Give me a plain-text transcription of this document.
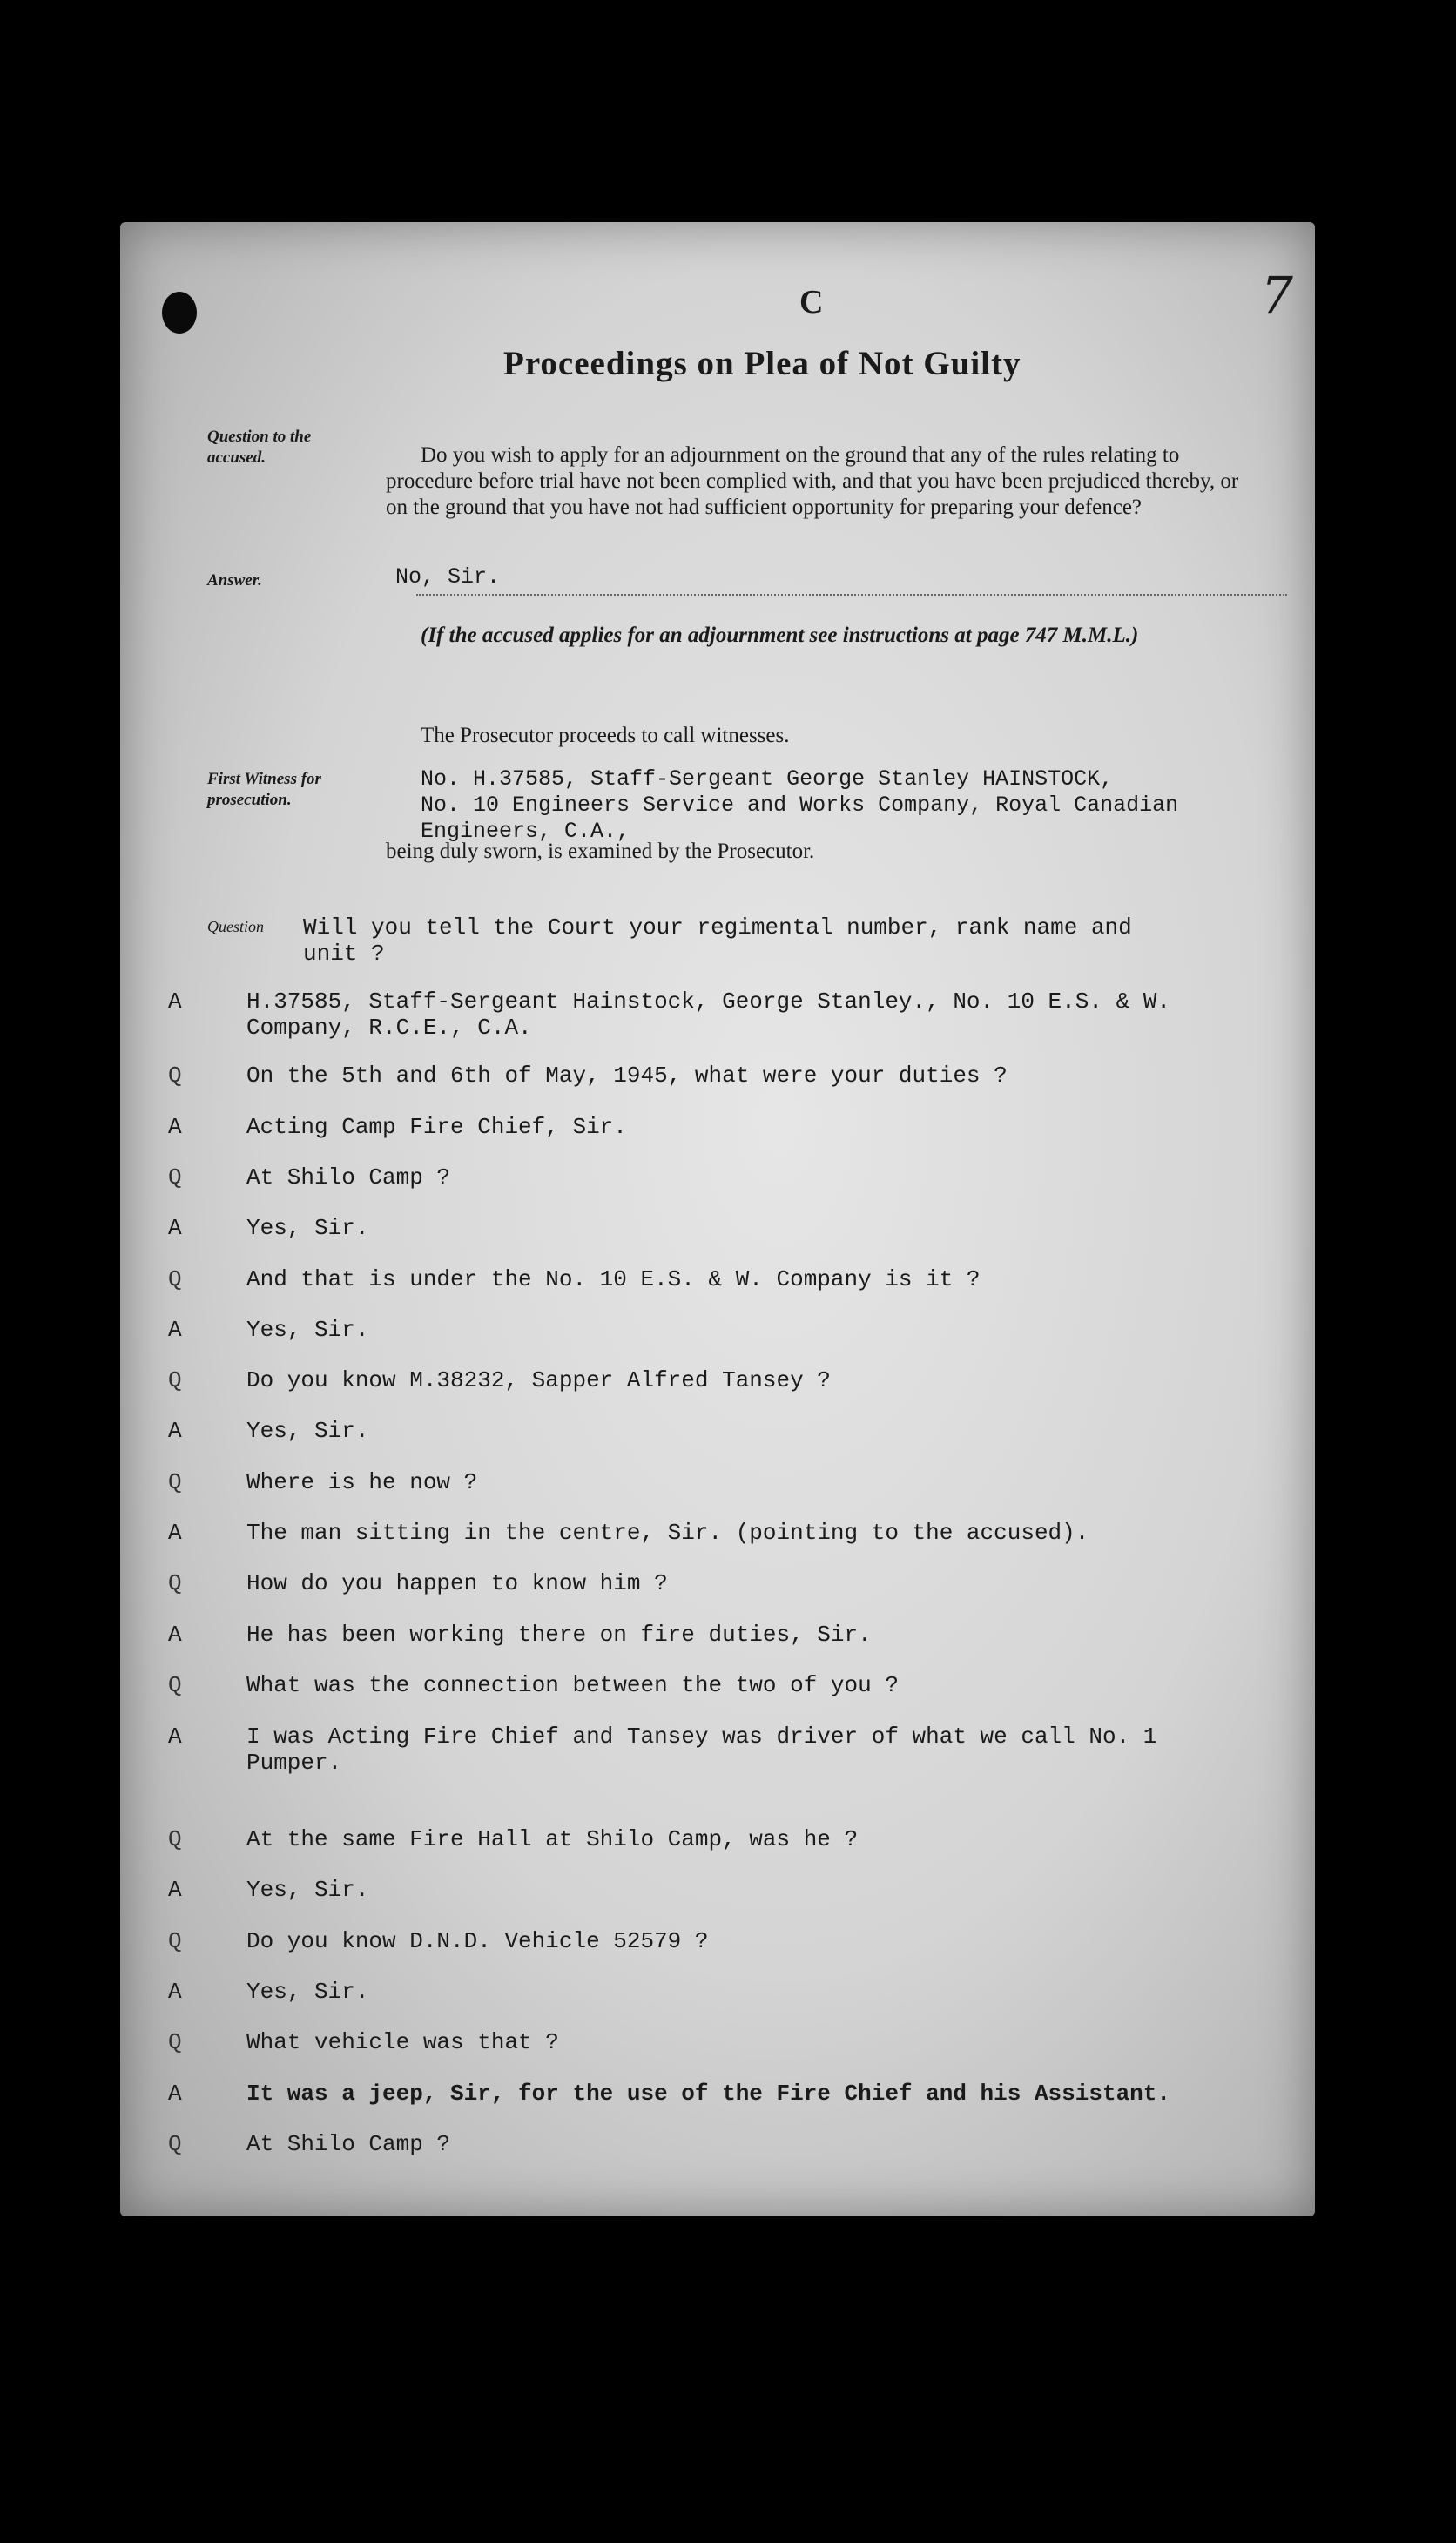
C	7
Proceedings on Plea of Not Guilty
Question to the accused.	Do you wish to apply for an adjournment on the ground that any of the rules relating to procedure before trial have not been complied with, and that you have been prejudiced thereby, or on the ground that you have not had sufficient opportunity for preparing your defence?
Answer.	No, Sir.
(If the accused applies for an adjournment see instructions at page 747 M.M.L.)
The Prosecutor proceeds to call witnesses.
First Witness for prosecution.
No. H.37585, Staff-Sergeant George Stanley HAINSTOCK,
No. 10 Engineers Service and Works Company, Royal Canadian
Engineers, C.A.,
being duly sworn, is examined by the Prosecutor.
Question Will you tell the Court your regimental number, rank name and
unit ?
A	H.37585, Staff-Sergeant Hainstock, George Stanley., No. 10 E.S. & W.
Company, R.C.E., C.A.
Q	On the 5th and 6th of May, 1945, what were your duties ?
A	Acting Camp Fire Chief, Sir.
Q	At Shilo Camp ?
A	Yes, Sir.
Q	And that is under the No. 10 E.S. & W. Company is it ?
A	Yes, Sir.
Q	Do you know M.38232, Sapper Alfred Tansey ?
A	Yes, Sir.
Q	Where is he now ?
A	The man sitting in the centre, Sir. (pointing to the accused).
Q	How do you happen to know him ?
A	He has been working there on fire duties, Sir.
Q	What was the connection between the two of you ?
A	I was Acting Fire Chief and Tansey was driver of what we call No. 1
Pumper.
Q	At the same Fire Hall at Shilo Camp, was he ?
A	Yes, Sir.
Q	Do you know D.N.D. Vehicle 52579 ?
A	Yes, Sir.
Q	What vehicle was that ?
A	It was a jeep, Sir, for the use of the Fire Chief and his Assistant.
Q	At Shilo Camp ?
